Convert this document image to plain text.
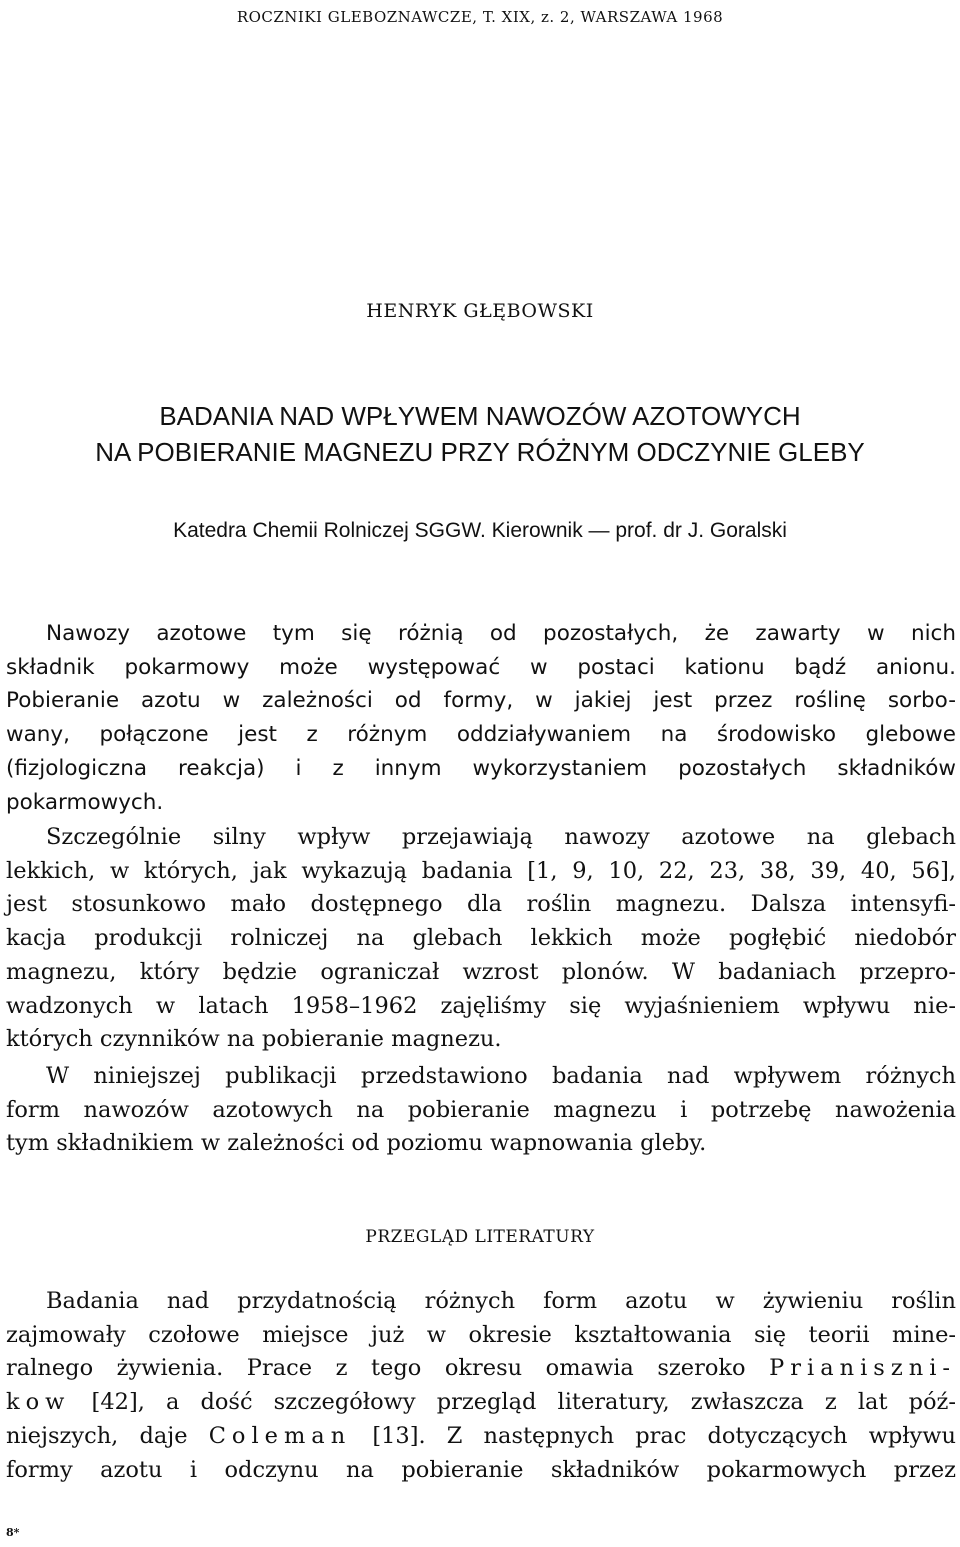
ROCZNIKI GLEBOZNAWCZE, T. XIX, z. 2, WARSZAWA 1968
HENRYK GŁĘBOWSKI
BADANIA NAD WPŁYWEM NAWOZÓW AZOTOWYCH
NA POBIERANIE MAGNEZU PRZY RÓŻNYM ODCZYNIE GLEBY
Katedra Chemii Rolniczej SGGW. Kierownik — prof. dr J. Goralski
Nawozy azotowe tym się różnią od pozostałych, że zawarty w nich
składnik pokarmowy może występować w postaci kationu bądź anionu.
Pobieranie azotu w zależności od formy, w jakiej jest przez roślinę sorbo-
wany, połączone jest z różnym oddziaływaniem na środowisko glebowe
(fizjologiczna reakcja) i z innym wykorzystaniem pozostałych składników
pokarmowych.
Szczególnie silny wpływ przejawiają nawozy azotowe na glebach
lekkich, w których, jak wykazują badania [1, 9, 10, 22, 23, 38, 39, 40, 56],
jest stosunkowo mało dostępnego dla roślin magnezu. Dalsza intensyfi-
kacja produkcji rolniczej na glebach lekkich może pogłębić niedobór
magnezu, który będzie ograniczał wzrost plonów. W badaniach przepro-
wadzonych w latach 1958–1962 zajęliśmy się wyjaśnieniem wpływu nie-
których czynników na pobieranie magnezu.
W niniejszej publikacji przedstawiono badania nad wpływem różnych
form nawozów azotowych na pobieranie magnezu i potrzebę nawożenia
tym składnikiem w zależności od poziomu wapnowania gleby.
PRZEGLĄD LITERATURY
Badania nad przydatnością różnych form azotu w żywieniu roślin
zajmowały czołowe miejsce już w okresie kształtowania się teorii mine-
ralnego żywienia. Prace z tego okresu omawia szeroko Prianiszni-
kow [42], a dość szczegółowy przegląd literatury, zwłaszcza z lat póź-
niejszych, daje Coleman [13]. Z następnych prac dotyczących wpływu
formy azotu i odczynu na pobieranie składników pokarmowych przez
8*
